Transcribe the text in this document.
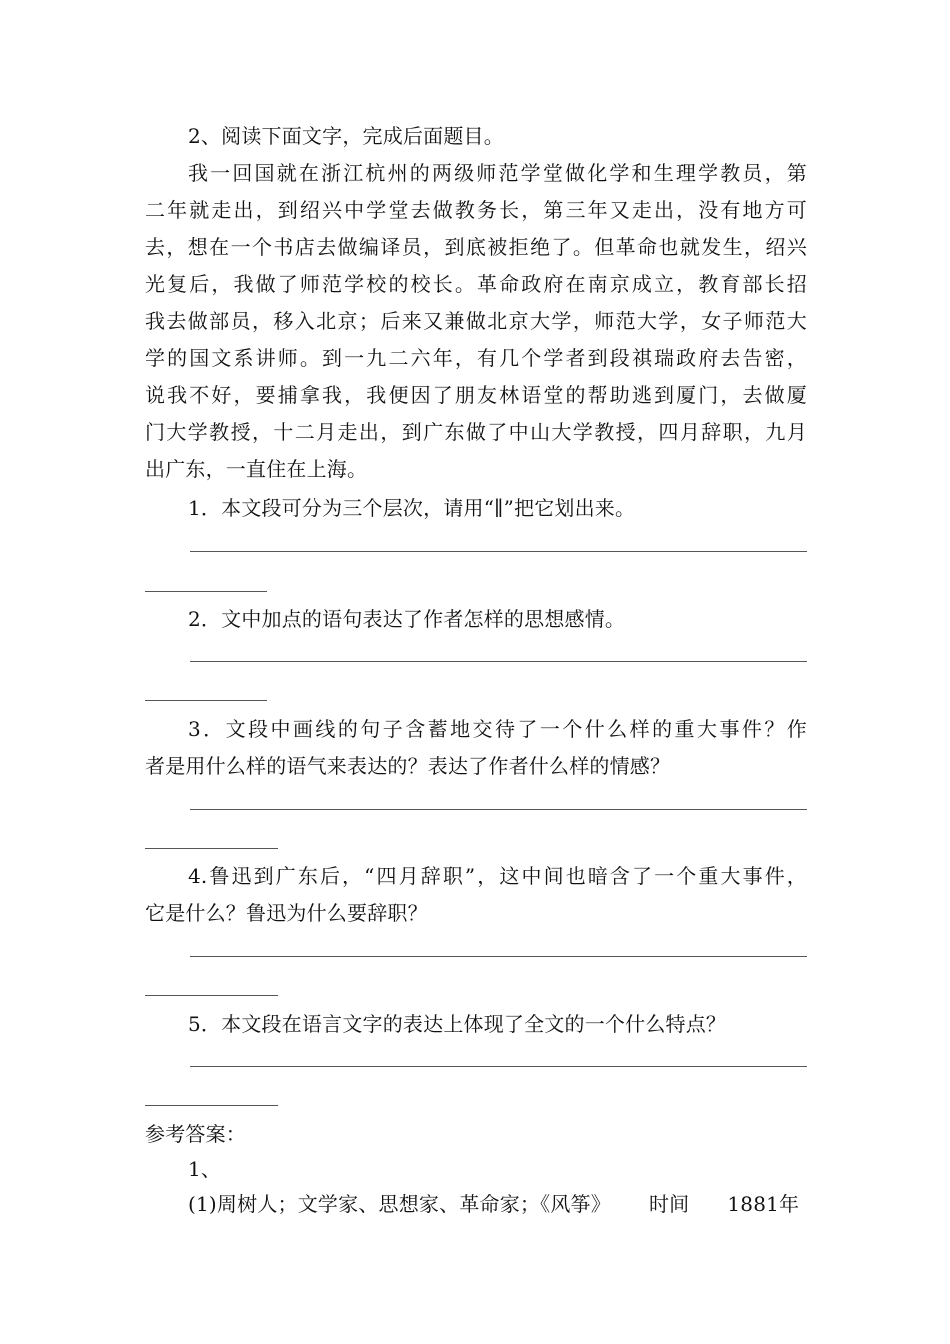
2、阅读下面文字，完成后面题目。
我一回国就在浙江杭州的两级师范学堂做化学和生理学教员，第
二年就走出，到绍兴中学堂去做教务长，第三年又走出，没有地方可
去，想在一个书店去做编译员，到底被拒绝了。但革命也就发生，绍兴
光复后，我做了师范学校的校长。革命政府在南京成立，教育部长招
我去做部员，移入北京；后来又兼做北京大学，师范大学，女子师范大
学的国文系讲师。到一九二六年，有几个学者到段祺瑞政府去告密，
说我不好，要捕拿我，我便因了朋友林语堂的帮助逃到厦门，去做厦
门大学教授，十二月走出，到广东做了中山大学教授，四月辞职，九月
出广东，一直住在上海。
1．本文段可分为三个层次，请用“∥”把它划出来。
2．文中加点的语句表达了作者怎样的思想感情。
3．文段中画线的句子含蓄地交待了一个什么样的重大事件？作
者是用什么样的语气来表达的？表达了作者什么样的情感？
4.鲁迅到广东后，“四月辞职”，这中间也暗含了一个重大事件，
它是什么？鲁迅为什么要辞职？
5．本文段在语言文字的表达上体现了全文的一个什么特点？
参考答案：
1、
(1)周树人；文学家、思想家、革命家；《风筝》 时间 1881年
